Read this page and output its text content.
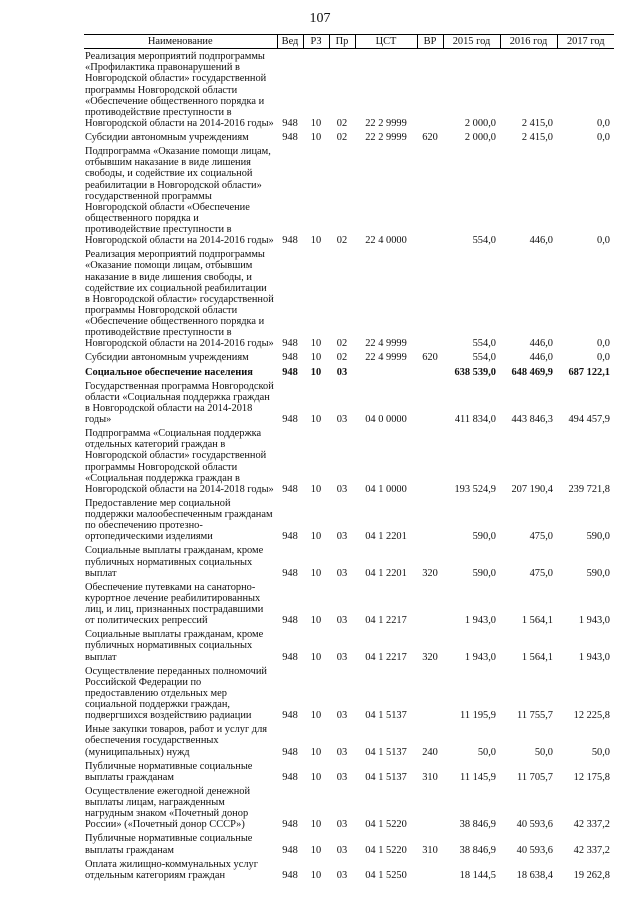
107
Наименование	Вед	РЗ	Пр	ЦСТ	ВР	2015 год	2016 год	2017 год
Реализация мероприятий подпрограммы «Профилактика правонарушений в Новгородской области» государственной программы Новгородской области «Обеспечение общественного порядка и противодействие преступности в Новгородской области на 2014-2016 годы»	948	10	02	22 2 9999		2 000,0	2 415,0	0,0
Субсидии автономным учреждениям	948	10	02	22 2 9999	620	2 000,0	2 415,0	0,0
Подпрограмма «Оказание помощи лицам, отбывшим наказание в виде лишения свободы, и содействие их социальной реабилитации в Новгородской области» государственной программы Новгородской области «Обеспечение общественного порядка и противодействие преступности в Новгородской области на 2014-2016 годы»	948	10	02	22 4 0000		554,0	446,0	0,0
Реализация мероприятий подпрограммы «Оказание помощи лицам, отбывшим наказание в виде лишения свободы, и содействие их социальной реабилитации в Новгородской области» государственной программы Новгородской области «Обеспечение общественного порядка и противодействие преступности в Новгородской области на 2014-2016 годы»	948	10	02	22 4 9999		554,0	446,0	0,0
Субсидии автономным учреждениям	948	10	02	22 4 9999	620	554,0	446,0	0,0
Социальное обеспечение населения	948	10	03			638 539,0	648 469,9	687 122,1
Государственная программа Новгородской области «Социальная поддержка граждан в Новгородской области на 2014-2018 годы»	948	10	03	04 0 0000		411 834,0	443 846,3	494 457,9
Подпрограмма «Социальная поддержка отдельных категорий граждан в Новгородской области» государственной программы Новгородской области «Социальная поддержка граждан в Новгородской области на 2014-2018 годы»	948	10	03	04 1 0000		193 524,9	207 190,4	239 721,8
Предоставление мер социальной поддержки малообеспеченным гражданам по обеспечению протезно-ортопедическими изделиями	948	10	03	04 1 2201		590,0	475,0	590,0
Социальные выплаты гражданам, кроме публичных нормативных социальных выплат	948	10	03	04 1 2201	320	590,0	475,0	590,0
Обеспечение путевками на санаторно-курортное лечение реабилитированных лиц, и лиц, признанных пострадавшими от политических репрессий	948	10	03	04 1 2217		1 943,0	1 564,1	1 943,0
Социальные выплаты гражданам, кроме публичных нормативных социальных выплат	948	10	03	04 1 2217	320	1 943,0	1 564,1	1 943,0
Осуществление переданных полномочий Российской Федерации по предоставлению отдельных мер социальной поддержки граждан, подвергшихся воздействию радиации	948	10	03	04 1 5137		11 195,9	11 755,7	12 225,8
Иные закупки товаров, работ и услуг для обеспечения государственных (муниципальных) нужд	948	10	03	04 1 5137	240	50,0	50,0	50,0
Публичные нормативные социальные выплаты гражданам	948	10	03	04 1 5137	310	11 145,9	11 705,7	12 175,8
Осуществление ежегодной денежной выплаты лицам, награжденным нагрудным знаком «Почетный донор России» («Почетный донор СССР»)	948	10	03	04 1 5220		38 846,9	40 593,6	42 337,2
Публичные нормативные социальные выплаты гражданам	948	10	03	04 1 5220	310	38 846,9	40 593,6	42 337,2
Оплата жилищно-коммунальных услуг отдельным категориям граждан	948	10	03	04 1 5250		18 144,5	18 638,4	19 262,8
